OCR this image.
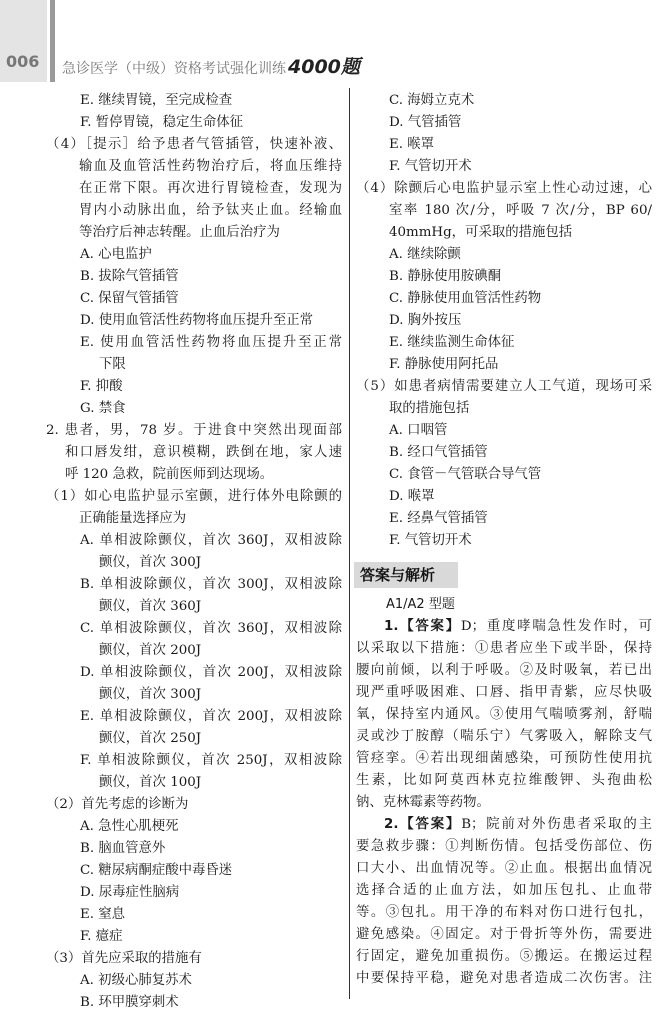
006 急诊医学（中级）资格考试强化训练 4000题
E. 继续胃镜，至完成检查
F. 暂停胃镜，稳定生命体征
（4）［提示］给予患者气管插管，快速补液、
输血及血管活性药物治疗后，将血压维持
在正常下限。再次进行胃镜检查，发现为
胃内小动脉出血，给予钛夹止血。经输血
等治疗后神志转醒。止血后治疗为
A. 心电监护
B. 拔除气管插管
C. 保留气管插管
D. 使用血管活性药物将血压提升至正常
E. 使用血管活性药物将血压提升至正常
下限
F. 抑酸
G. 禁食
2. 患者，男，78 岁。于进食中突然出现面部
和口唇发绀，意识模糊，跌倒在地，家人速
呼 120 急救，院前医师到达现场。
（1）如心电监护显示室颤，进行体外电除颤的
正确能量选择应为
A. 单相波除颤仪，首次 360J，双相波除
颤仪，首次 300J
B. 单相波除颤仪，首次 300J，双相波除
颤仪，首次 360J
C. 单相波除颤仪，首次 360J，双相波除
颤仪，首次 200J
D. 单相波除颤仪，首次 200J，双相波除
颤仪，首次 300J
E. 单相波除颤仪，首次 200J，双相波除
颤仪，首次 250J
F. 单相波除颤仪，首次 250J，双相波除
颤仪，首次 100J
（2）首先考虑的诊断为
A. 急性心肌梗死
B. 脑血管意外
C. 糖尿病酮症酸中毒昏迷
D. 尿毒症性脑病
E. 窒息
F. 癔症
（3）首先应采取的措施有
A. 初级心肺复苏术
B. 环甲膜穿刺术
C. 海姆立克术
D. 气管插管
E. 喉罩
F. 气管切开术
（4）除颤后心电监护显示室上性心动过速，心
室率 180 次/分，呼吸 7 次/分，BP 60/
40mmHg，可采取的措施包括
A. 继续除颤
B. 静脉使用胺碘酮
C. 静脉使用血管活性药物
D. 胸外按压
E. 继续监测生命体征
F. 静脉使用阿托品
（5）如患者病情需要建立人工气道，现场可采
取的措施包括
A. 口咽管
B. 经口气管插管
C. 食管－气管联合导气管
D. 喉罩
E. 经鼻气管插管
F. 气管切开术
答案与解析
A1/A2 型题
1.【答案】D；重度哮喘急性发作时，可
以采取以下措施：①患者应坐下或半卧，保持
腰向前倾，以利于呼吸。②及时吸氧，若已出
现严重呼吸困难、口唇、指甲青紫，应尽快吸
氧，保持室内通风。③使用气喘喷雾剂，舒喘
灵或沙丁胺醇（喘乐宁）气雾吸入，解除支气
管痉挛。④若出现细菌感染，可预防性使用抗
生素，比如阿莫西林克拉维酸钾、头孢曲松
钠、克林霉素等药物。
2.【答案】B；院前对外伤患者采取的主
要急救步骤：①判断伤情。包括受伤部位、伤
口大小、出血情况等。②止血。根据出血情况
选择合适的止血方法，如加压包扎、止血带
等。③包扎。用干净的布料对伤口进行包扎，
避免感染。④固定。对于骨折等外伤，需要进
行固定，避免加重损伤。⑤搬运。在搬运过程
中要保持平稳，避免对患者造成二次伤害。注
